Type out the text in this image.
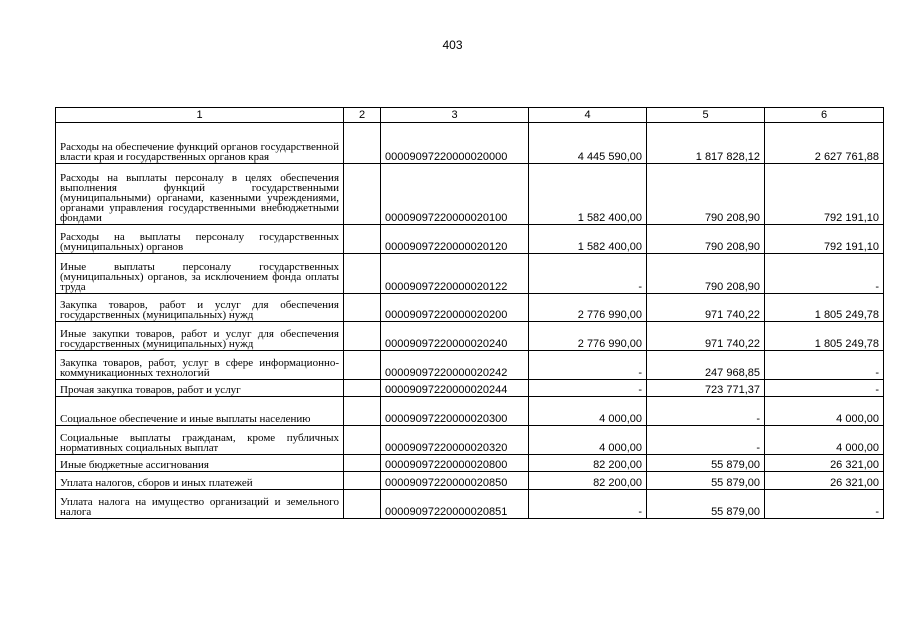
403
1	2	3	4	5	6
Расходы на обеспечение функций органов государственной власти края и государственных органов края		00009097220000020000	4 445 590,00	1 817 828,12	2 627 761,88
Расходы на выплаты персоналу в целях обеспечения выполнения функций государственными (муниципальными) органами, казенными учреждениями, органами управления государственными внебюджетными фондами		00009097220000020100	1 582 400,00	790 208,90	792 191,10
Расходы на выплаты персоналу государственных (муниципальных) органов		00009097220000020120	1 582 400,00	790 208,90	792 191,10
Иные выплаты персоналу государственных (муниципальных) органов, за исключением фонда оплаты труда		00009097220000020122	-	790 208,90	-
Закупка товаров, работ и услуг для обеспечения государственных (муниципальных) нужд		00009097220000020200	2 776 990,00	971 740,22	1 805 249,78
Иные закупки товаров, работ и услуг для обеспечения государственных (муниципальных) нужд		00009097220000020240	2 776 990,00	971 740,22	1 805 249,78
Закупка товаров, работ, услуг в сфере информационно-коммуникационных технологий		00009097220000020242	-	247 968,85	-
Прочая закупка товаров, работ и услуг		00009097220000020244	-	723 771,37	-
Социальное обеспечение и иные выплаты населению		00009097220000020300	4 000,00	-	4 000,00
Социальные выплаты гражданам, кроме публичных нормативных социальных выплат		00009097220000020320	4 000,00	-	4 000,00
Иные бюджетные ассигнования		00009097220000020800	82 200,00	55 879,00	26 321,00
Уплата налогов, сборов и иных платежей		00009097220000020850	82 200,00	55 879,00	26 321,00
Уплата налога на имущество организаций и земельного налога		00009097220000020851	-	55 879,00	-
